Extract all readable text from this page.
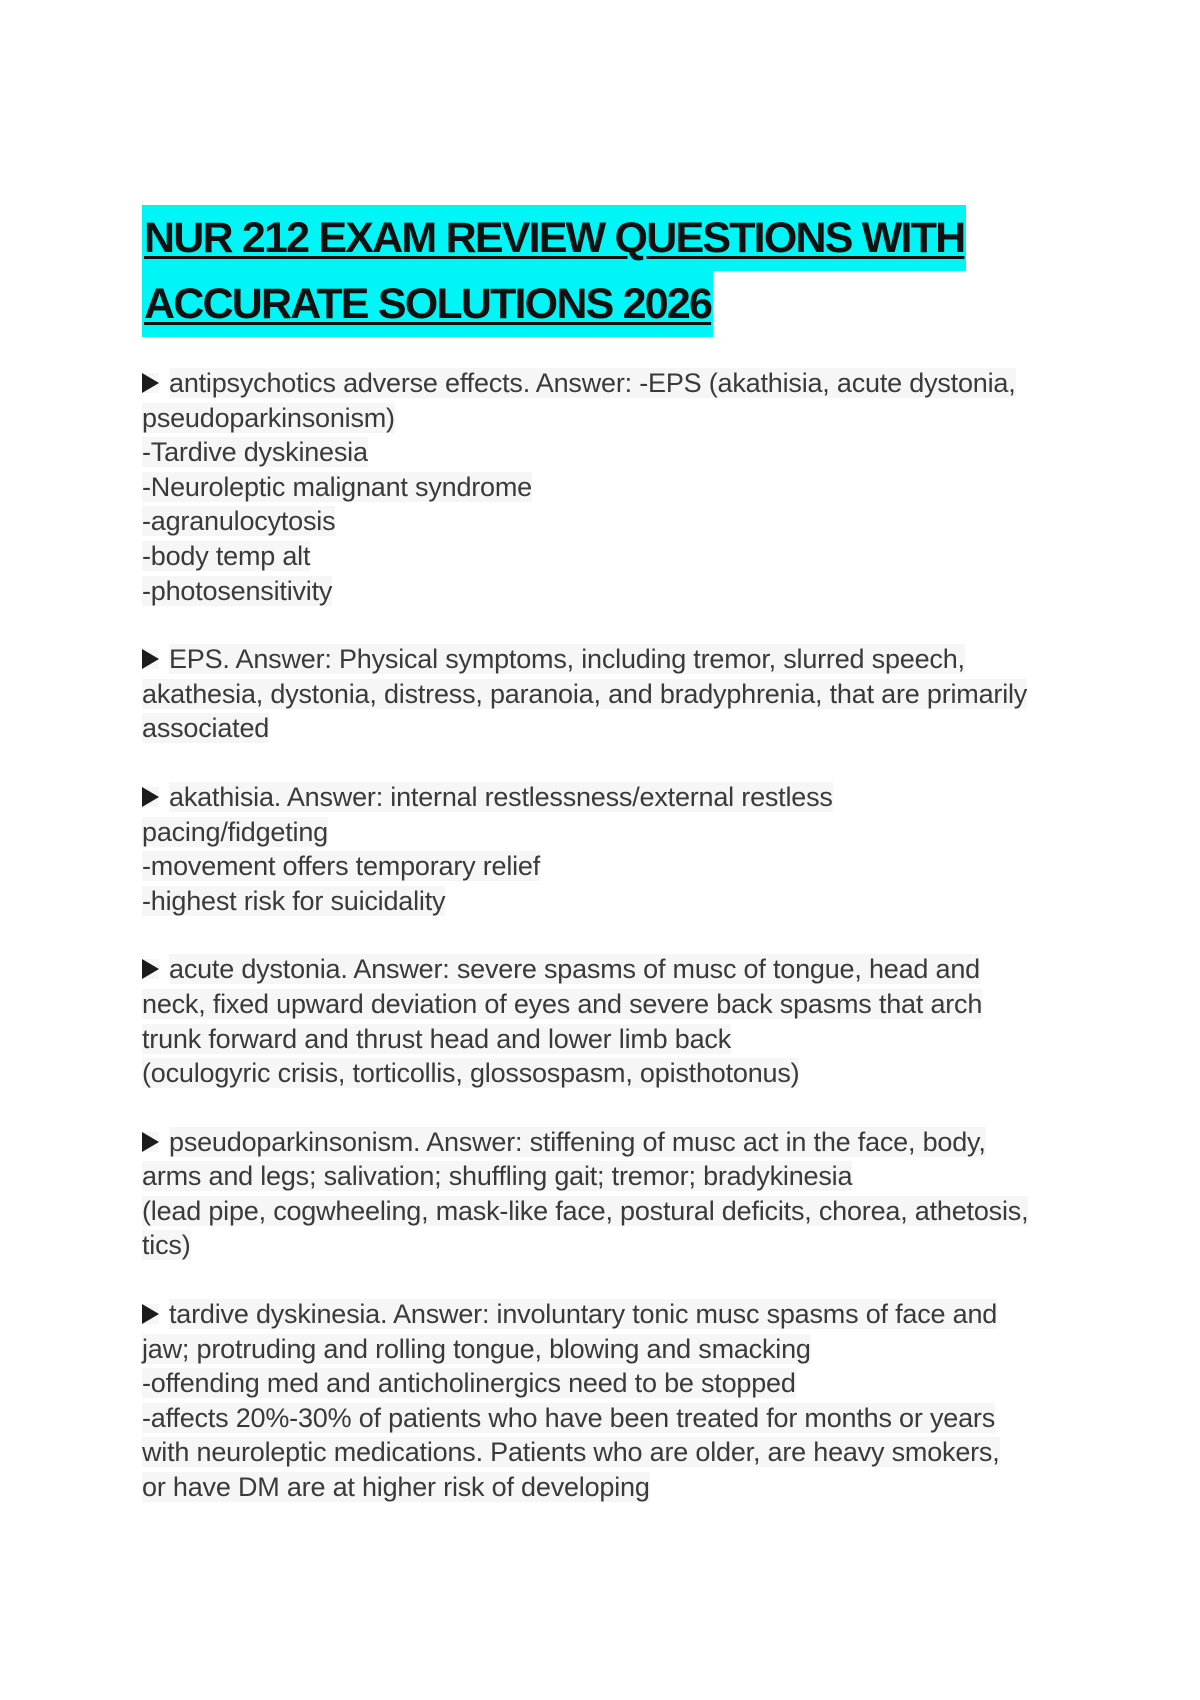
NUR 212 EXAM REVIEW QUESTIONS WITH
ACCURATE SOLUTIONS 2026
antipsychotics adverse effects. Answer: -EPS (akathisia, acute dystonia,
pseudoparkinsonism)
-Tardive dyskinesia
-Neuroleptic malignant syndrome
-agranulocytosis
-body temp alt
-photosensitivity
EPS. Answer: Physical symptoms, including tremor, slurred speech,
akathesia, dystonia, distress, paranoia, and bradyphrenia, that are primarily
associated
akathisia. Answer: internal restlessness/external restless
pacing/fidgeting
-movement offers temporary relief
-highest risk for suicidality
acute dystonia. Answer: severe spasms of musc of tongue, head and
neck, fixed upward deviation of eyes and severe back spasms that arch
trunk forward and thrust head and lower limb back
(oculogyric crisis, torticollis, glossospasm, opisthotonus)
pseudoparkinsonism. Answer: stiffening of musc act in the face, body,
arms and legs; salivation; shuffling gait; tremor; bradykinesia
(lead pipe, cogwheeling, mask-like face, postural deficits, chorea, athetosis,
tics)
tardive dyskinesia. Answer: involuntary tonic musc spasms of face and
jaw; protruding and rolling tongue, blowing and smacking
-offending med and anticholinergics need to be stopped
-affects 20%-30% of patients who have been treated for months or years
with neuroleptic medications. Patients who are older, are heavy smokers,
or have DM are at higher risk of developing
